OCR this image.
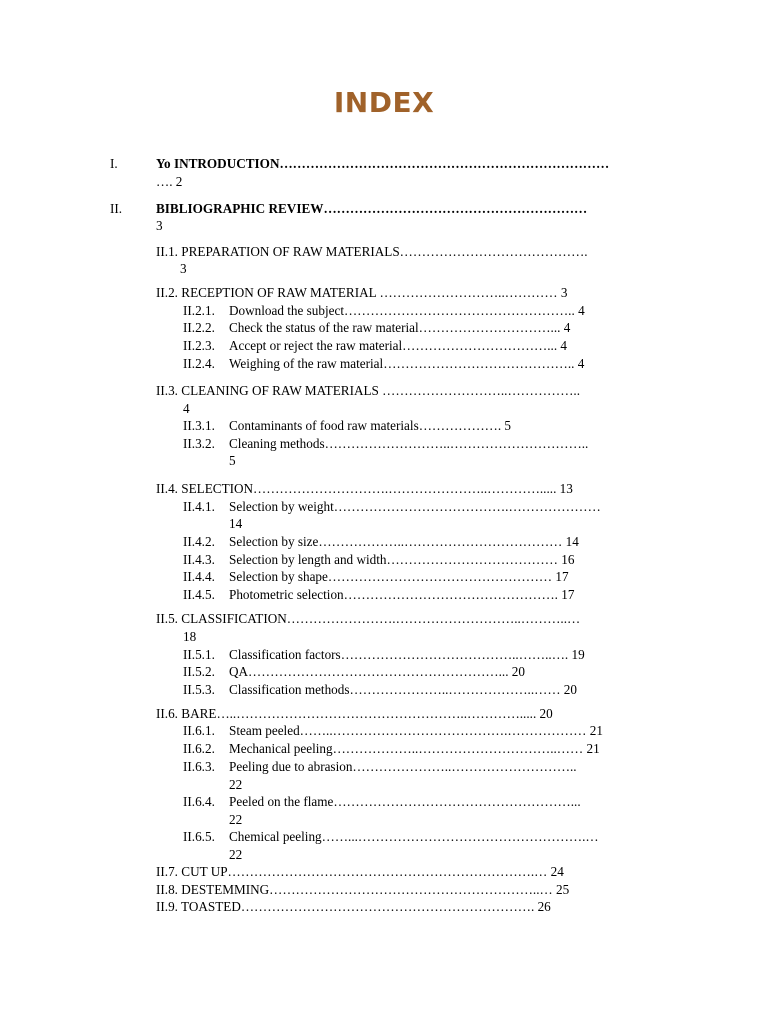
INDEX
I.	Yo INTRODUCTION…………………………………………………………………
…. 2
II.	BIBLIOGRAPHIC REVIEW……………………………………………………
3
II.1. PREPARATION OF RAW MATERIALS…………………………………….
3
II.2. RECEPTION OF RAW MATERIAL ………………………..………… 3
II.2.1. Download the subject…………………………………………….. 4
II.2.2. Check the status of the raw material…………………………... 4
II.2.3. Accept or reject the raw material……………………………... 4
II.2.4. Weighing of the raw material…………………………………….. 4
II.3. CLEANING OF RAW MATERIALS ………………………..……………..
4
II.3.1. Contaminants of food raw materials………………. 5
II.3.2. Cleaning methods………………………..…………………………..
5
II.4. SELECTION………………………….…………………..…………..... 13
II.4.1. Selection by weight………………………………….…………………
14
II.4.2. Selection by size………………..……………………………… 14
II.4.3. Selection by length and width………………………………… 16
II.4.4. Selection by shape…………………………………………… 17
II.4.5. Photometric selection…………………………………………. 17
II.5. CLASSIFICATION…………………….………………………..………..…
18
II.5.1. Classification factors…………………………………..……..…. 19
II.5.2. QA…………………………………………………... 20
II.5.3. Classification methods…………………..………………..…… 20
II.6. BARE…..……………………………………………..…………..... 20
II.6.1. Steam peeled……..………………………………….……………… 21
II.6.2. Mechanical peeling………………..…………………………..…… 21
II.6.3. Peeling due to abrasion…………………..………………………..
22
II.6.4. Peeled on the flame………………………………………………...
22
II.6.5. Chemical peeling……...…………………………………………….…
22
II.7. CUT UP…………………………………………………………….… 24
II.8. DESTEMMING……………………………………………………..… 25
II.9. TOASTED…………………………………………………………. 26
